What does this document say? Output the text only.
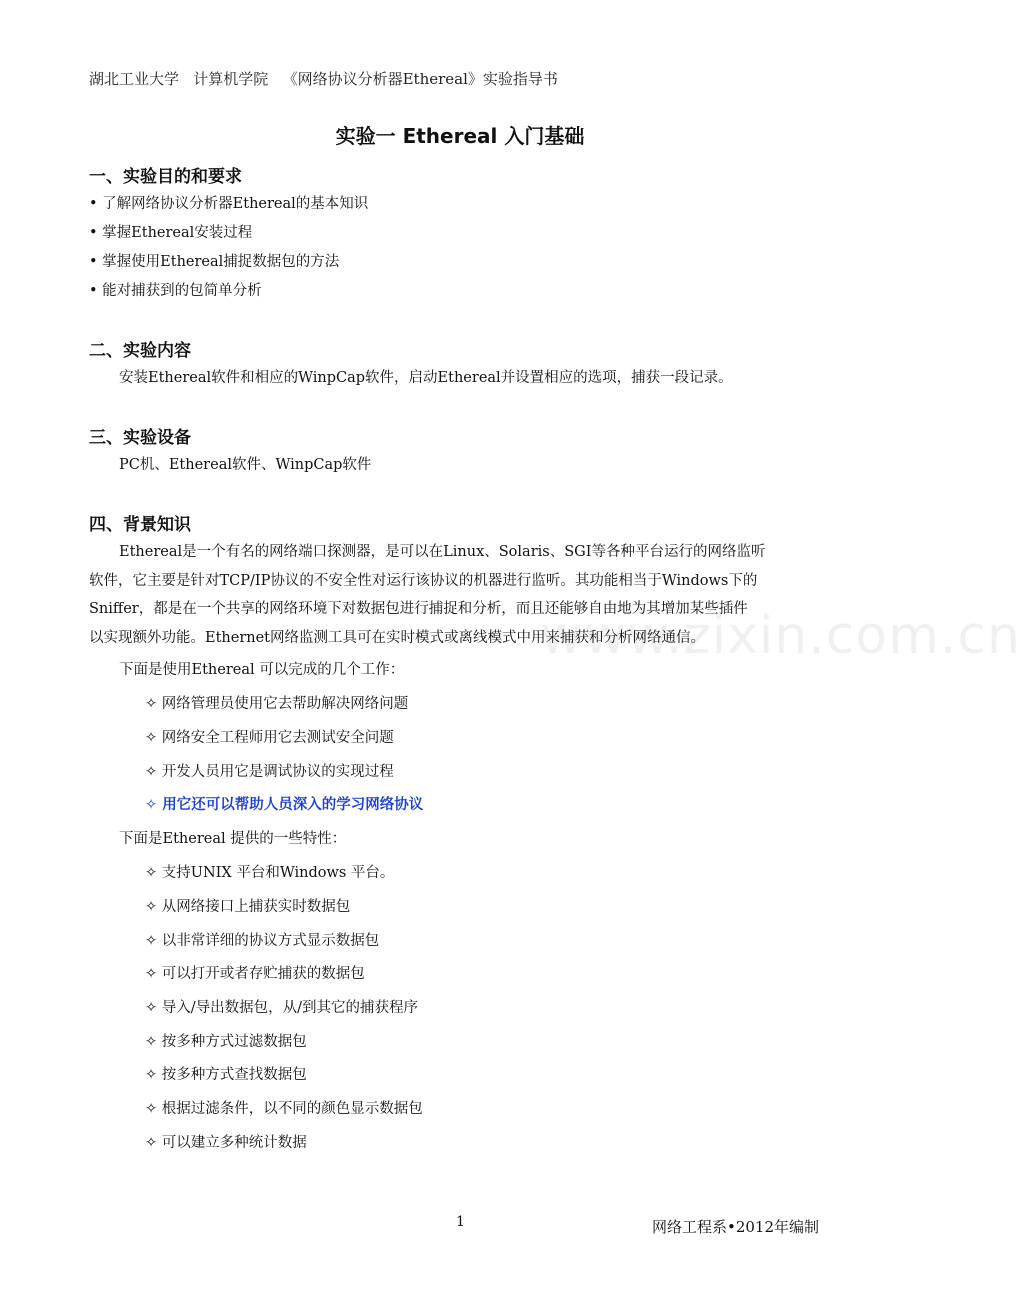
湖北工业大学   计算机学院   《网络协议分析器Ethereal》实验指导书
www.zixin.com.cn
实验一 Ethereal 入门基础
一、实验目的和要求
• 了解网络协议分析器Ethereal的基本知识
• 掌握Ethereal安装过程
• 掌握使用Ethereal捕捉数据包的方法
• 能对捕获到的包简单分析
二、实验内容
安装Ethereal软件和相应的WinpCap软件，启动Ethereal并设置相应的选项，捕获一段记录。
三、实验设备
PC机、Ethereal软件、WinpCap软件
四、背景知识
Ethereal是一个有名的网络端口探测器，是可以在Linux、Solaris、SGI等各种平台运行的网络监听
软件，它主要是针对TCP/IP协议的不安全性对运行该协议的机器进行监听。其功能相当于Windows下的
Sniffer，都是在一个共享的网络环境下对数据包进行捕捉和分析，而且还能够自由地为其增加某些插件
以实现额外功能。Ethernet网络监测工具可在实时模式或离线模式中用来捕获和分析网络通信。
下面是使用Ethereal 可以完成的几个工作：
✧ 网络管理员使用它去帮助解决网络问题
✧ 网络安全工程师用它去测试安全问题
✧ 开发人员用它是调试协议的实现过程
✧ 用它还可以帮助人员深入的学习网络协议
下面是Ethereal 提供的一些特性：
✧ 支持UNIX 平台和Windows 平台。
✧ 从网络接口上捕获实时数据包
✧ 以非常详细的协议方式显示数据包
✧ 可以打开或者存贮捕获的数据包
✧ 导入/导出数据包，从/到其它的捕获程序
✧ 按多种方式过滤数据包
✧ 按多种方式查找数据包
✧ 根据过滤条件，以不同的颜色显示数据包
✧ 可以建立多种统计数据
1	网络工程系•2012年编制
